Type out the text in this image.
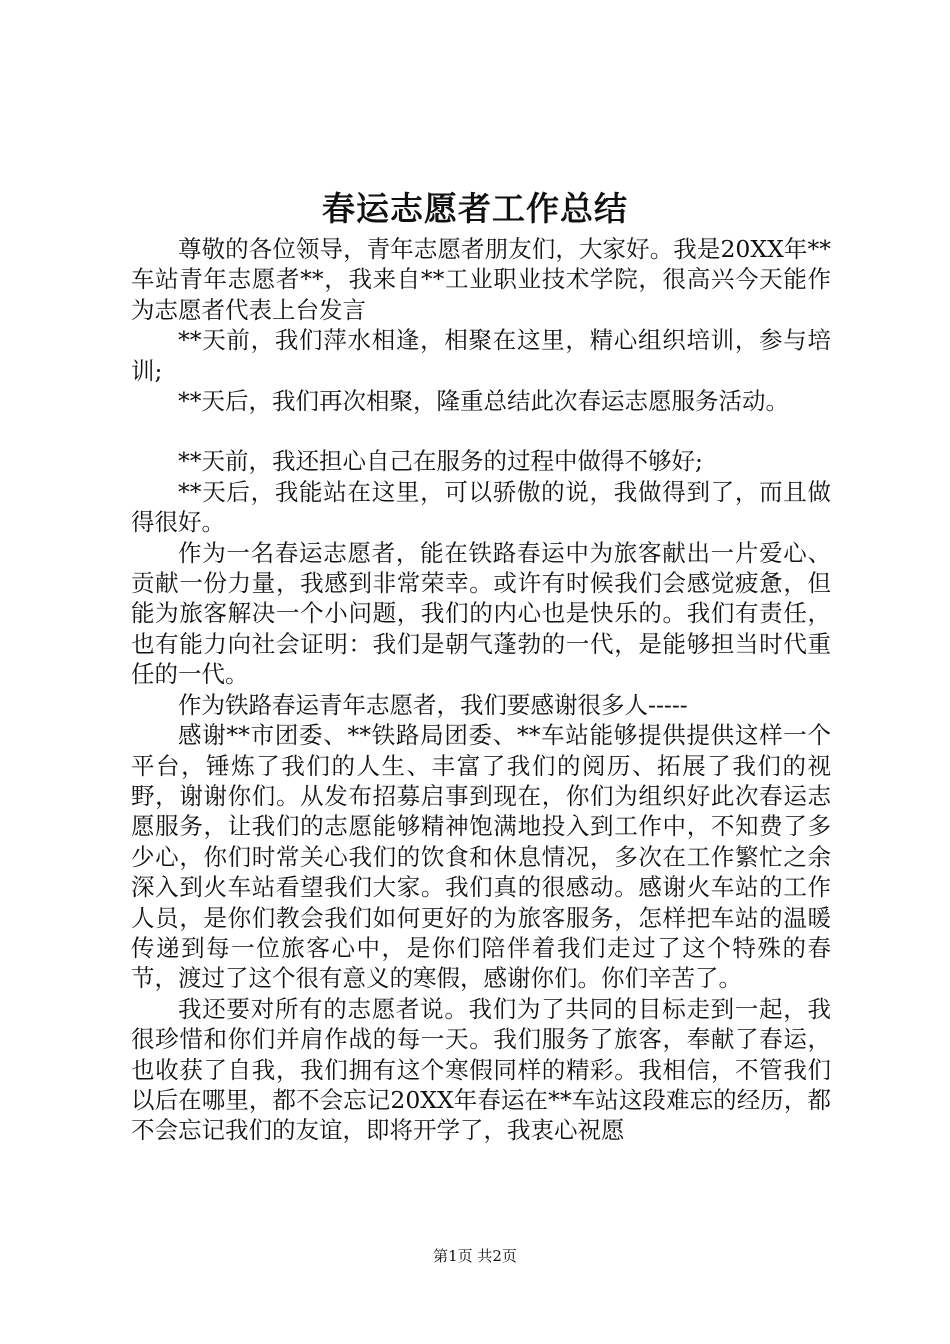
春运志愿者工作总结

尊敬的各位领导，青年志愿者朋友们，大家好。我是20XX年**车站青年志愿者**，我来自**工业职业技术学院，很高兴今天能作为志愿者代表上台发言

**天前，我们萍水相逢，相聚在这里，精心组织培训，参与培训;

**天后，我们再次相聚，隆重总结此次春运志愿服务活动。

**天前，我还担心自己在服务的过程中做得不够好;

**天后，我能站在这里，可以骄傲的说，我做得到了，而且做得很好。

作为一名春运志愿者，能在铁路春运中为旅客献出一片爱心、贡献一份力量，我感到非常荣幸。或许有时候我们会感觉疲惫，但能为旅客解决一个小问题，我们的内心也是快乐的。我们有责任，也有能力向社会证明：我们是朝气蓬勃的一代，是能够担当时代重任的一代。

作为铁路春运青年志愿者，我们要感谢很多人-----

感谢**市团委、**铁路局团委、**车站能够提供提供这样一个平台，锤炼了我们的人生、丰富了我们的阅历、拓展了我们的视野，谢谢你们。从发布招募启事到现在，你们为组织好此次春运志愿服务，让我们的志愿能够精神饱满地投入到工作中，不知费了多少心，你们时常关心我们的饮食和休息情况，多次在工作繁忙之余深入到火车站看望我们大家。我们真的很感动。感谢火车站的工作人员，是你们教会我们如何更好的为旅客服务，怎样把车站的温暖传递到每一位旅客心中，是你们陪伴着我们走过了这个特殊的春节，渡过了这个很有意义的寒假，感谢你们。你们辛苦了。

我还要对所有的志愿者说。我们为了共同的目标走到一起，我很珍惜和你们并肩作战的每一天。我们服务了旅客，奉献了春运，也收获了自我，我们拥有这个寒假同样的精彩。我相信，不管我们以后在哪里，都不会忘记20XX年春运在**车站这段难忘的经历，都不会忘记我们的友谊，即将开学了，我衷心祝愿

第1页 共2页
